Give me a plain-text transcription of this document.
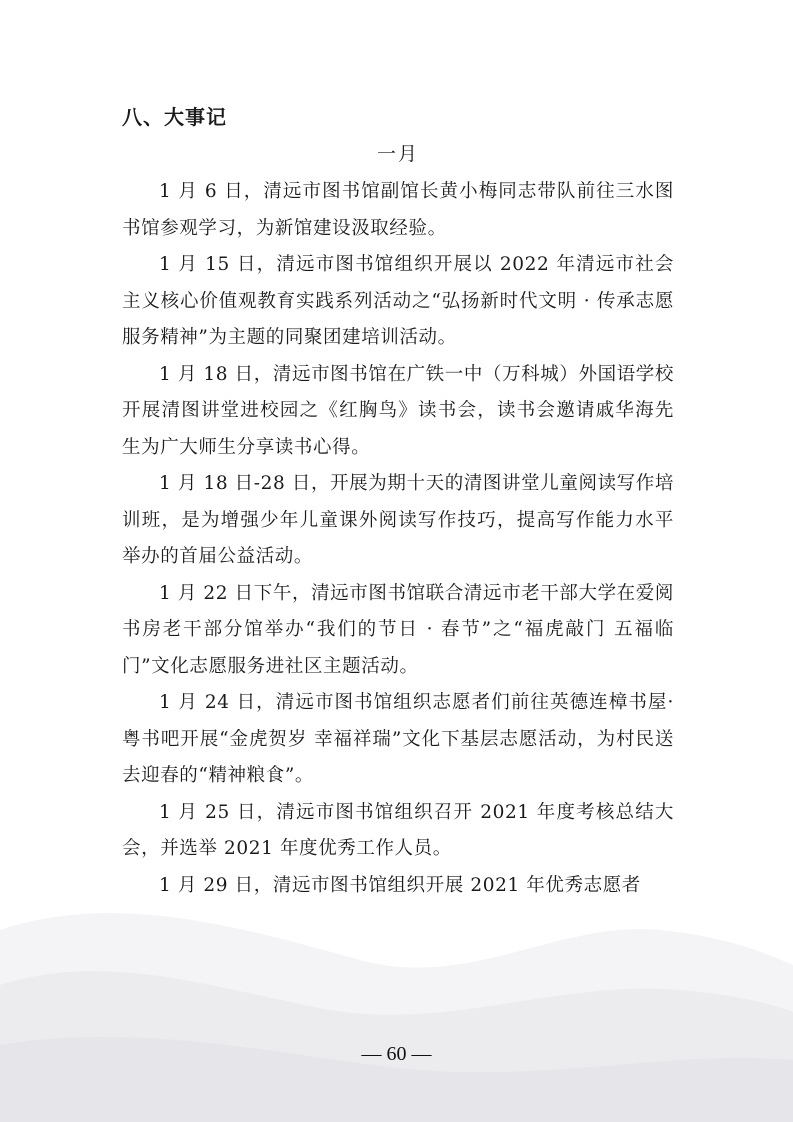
八、大事记
一月

1 月 6 日，清远市图书馆副馆长黄小梅同志带队前往三水图书馆参观学习，为新馆建设汲取经验。

1 月 15 日，清远市图书馆组织开展以 2022 年清远市社会主义核心价值观教育实践系列活动之“弘扬新时代文明 · 传承志愿服务精神”为主题的同聚团建培训活动。

1 月 18 日，清远市图书馆在广铁一中（万科城）外国语学校开展清图讲堂进校园之《红胸鸟》读书会，读书会邀请戚华海先生为广大师生分享读书心得。

1 月 18 日-28 日，开展为期十天的清图讲堂儿童阅读写作培训班，是为增强少年儿童课外阅读写作技巧，提高写作能力水平举办的首届公益活动。

1 月 22 日下午，清远市图书馆联合清远市老干部大学在爱阅书房老干部分馆举办“我们的节日 · 春节”之“福虎敲门 五福临门”文化志愿服务进社区主题活动。

1 月 24 日，清远市图书馆组织志愿者们前往英德连樟书屋·粤书吧开展“金虎贺岁 幸福祥瑞”文化下基层志愿活动，为村民送去迎春的“精神粮食”。

1 月 25 日，清远市图书馆组织召开 2021 年度考核总结大会，并选举 2021 年度优秀工作人员。

1 月 29 日，清远市图书馆组织开展 2021 年优秀志愿者

— 60 —
